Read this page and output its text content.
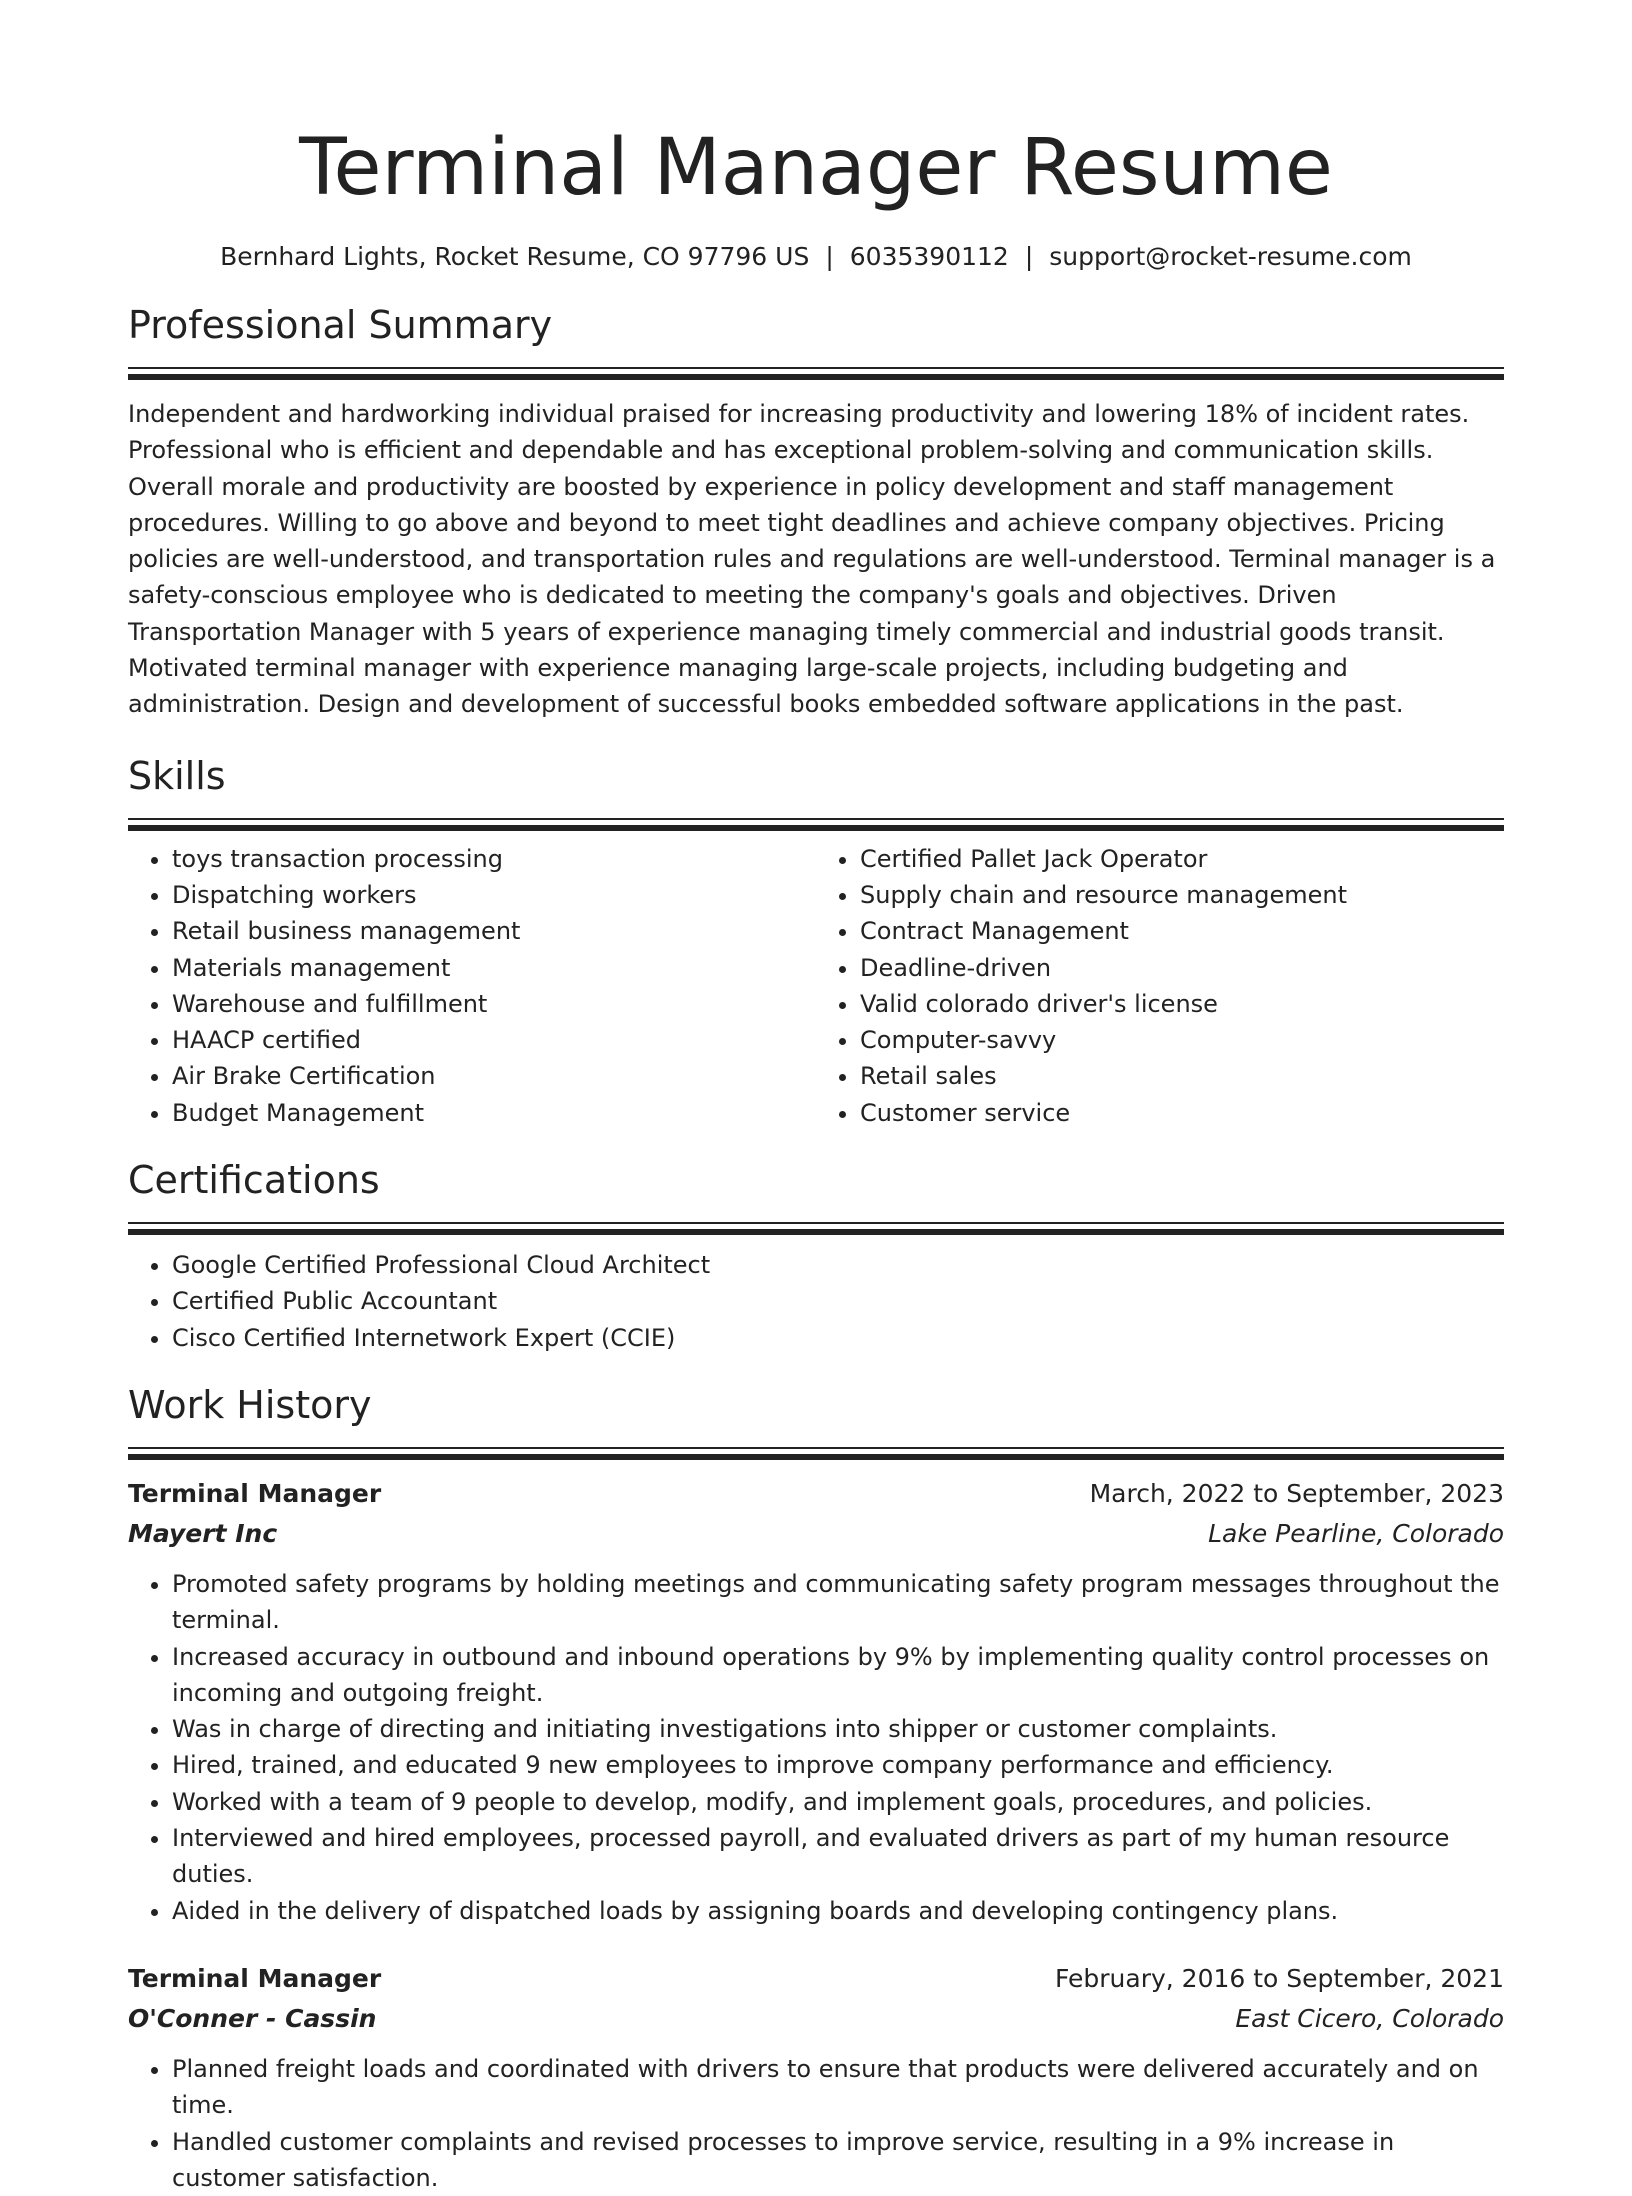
Terminal Manager Resume
Bernhard Lights, Rocket Resume, CO 97796 US | 6035390112 | support@rocket-resume.com
Professional Summary
Independent and hardworking individual praised for increasing productivity and lowering 18% of incident rates. Professional who is efficient and dependable and has exceptional problem-solving and communication skills. Overall morale and productivity are boosted by experience in policy development and staff management procedures. Willing to go above and beyond to meet tight deadlines and achieve company objectives. Pricing policies are well-understood, and transportation rules and regulations are well-understood. Terminal manager is a safety-conscious employee who is dedicated to meeting the company's goals and objectives. Driven Transportation Manager with 5 years of experience managing timely commercial and industrial goods transit. Motivated terminal manager with experience managing large-scale projects, including budgeting and administration. Design and development of successful books embedded software applications in the past.
Skills
• toys transaction processing
• Dispatching workers
• Retail business management
• Materials management
• Warehouse and fulfillment
• HAACP certified
• Air Brake Certification
• Budget Management
• Certified Pallet Jack Operator
• Supply chain and resource management
• Contract Management
• Deadline-driven
• Valid colorado driver's license
• Computer-savvy
• Retail sales
• Customer service
Certifications
• Google Certified Professional Cloud Architect
• Certified Public Accountant
• Cisco Certified Internetwork Expert (CCIE)
Work History
Terminal Manager	March, 2022 to September, 2023
Mayert Inc	Lake Pearline, Colorado
• Promoted safety programs by holding meetings and communicating safety program messages throughout the terminal.
• Increased accuracy in outbound and inbound operations by 9% by implementing quality control processes on incoming and outgoing freight.
• Was in charge of directing and initiating investigations into shipper or customer complaints.
• Hired, trained, and educated 9 new employees to improve company performance and efficiency.
• Worked with a team of 9 people to develop, modify, and implement goals, procedures, and policies.
• Interviewed and hired employees, processed payroll, and evaluated drivers as part of my human resource duties.
• Aided in the delivery of dispatched loads by assigning boards and developing contingency plans.
Terminal Manager	February, 2016 to September, 2021
O'Conner - Cassin	East Cicero, Colorado
• Planned freight loads and coordinated with drivers to ensure that products were delivered accurately and on time.
• Handled customer complaints and revised processes to improve service, resulting in a 9% increase in customer satisfaction.
